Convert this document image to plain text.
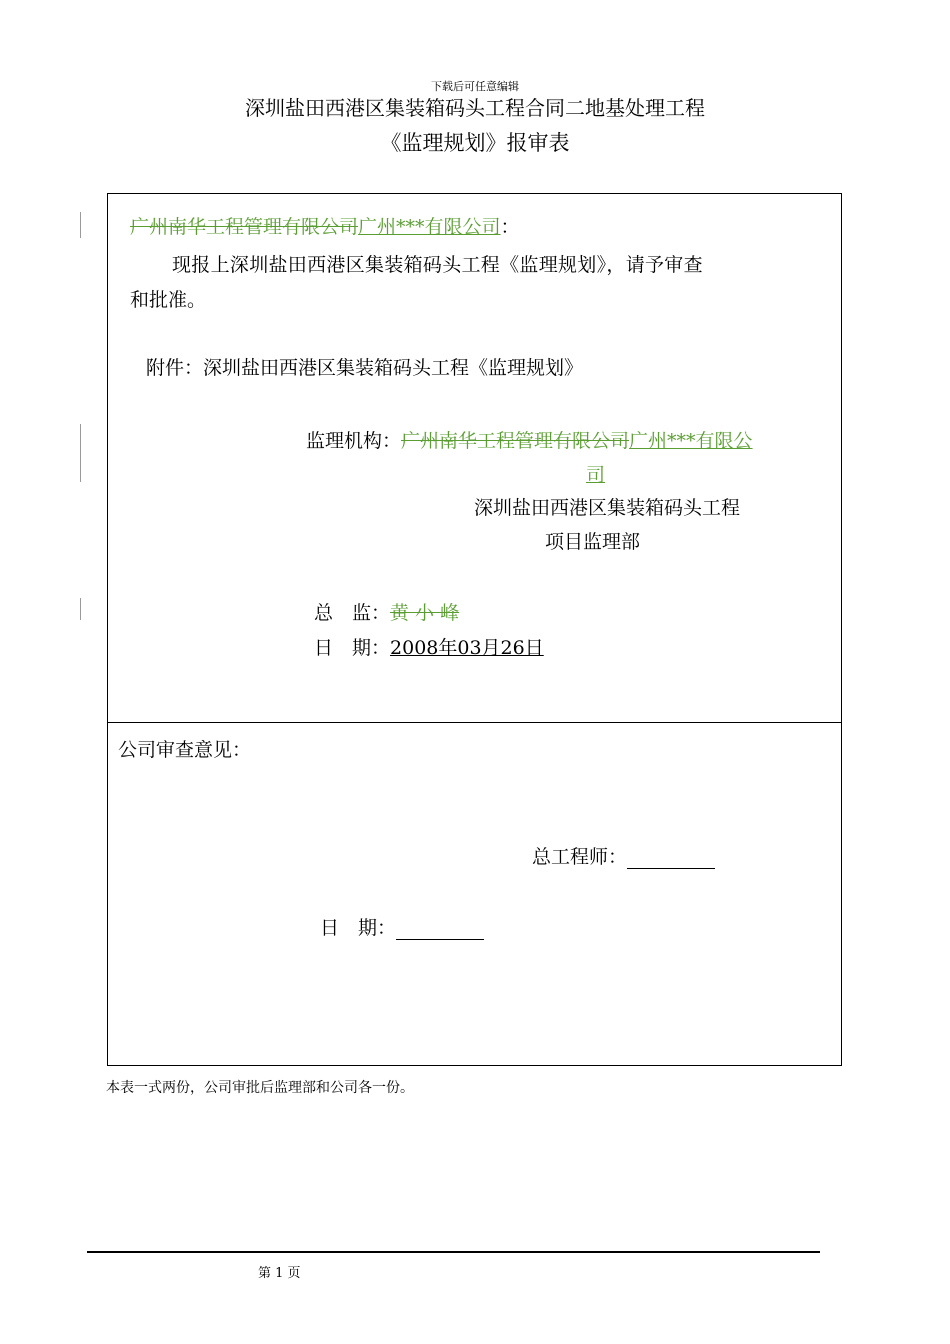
下载后可任意编辑
深圳盐田西港区集装箱码头工程合同二地基处理工程
《监理规划》报审表
广州南华工程管理有限公司广州***有限公司：
现报上深圳盐田西港区集装箱码头工程《监理规划》，请予审查
和批准。
附件：深圳盐田西港区集装箱码头工程《监理规划》
监理机构：广州南华工程管理有限公司广州***有限公
司
深圳盐田西港区集装箱码头工程
项目监理部
总　监：黄 小 峰
日　期：2008年03月26日
公司审查意见：
总工程师：
日　期：
本表一式两份，公司审批后监理部和公司各一份。
第 1 页
